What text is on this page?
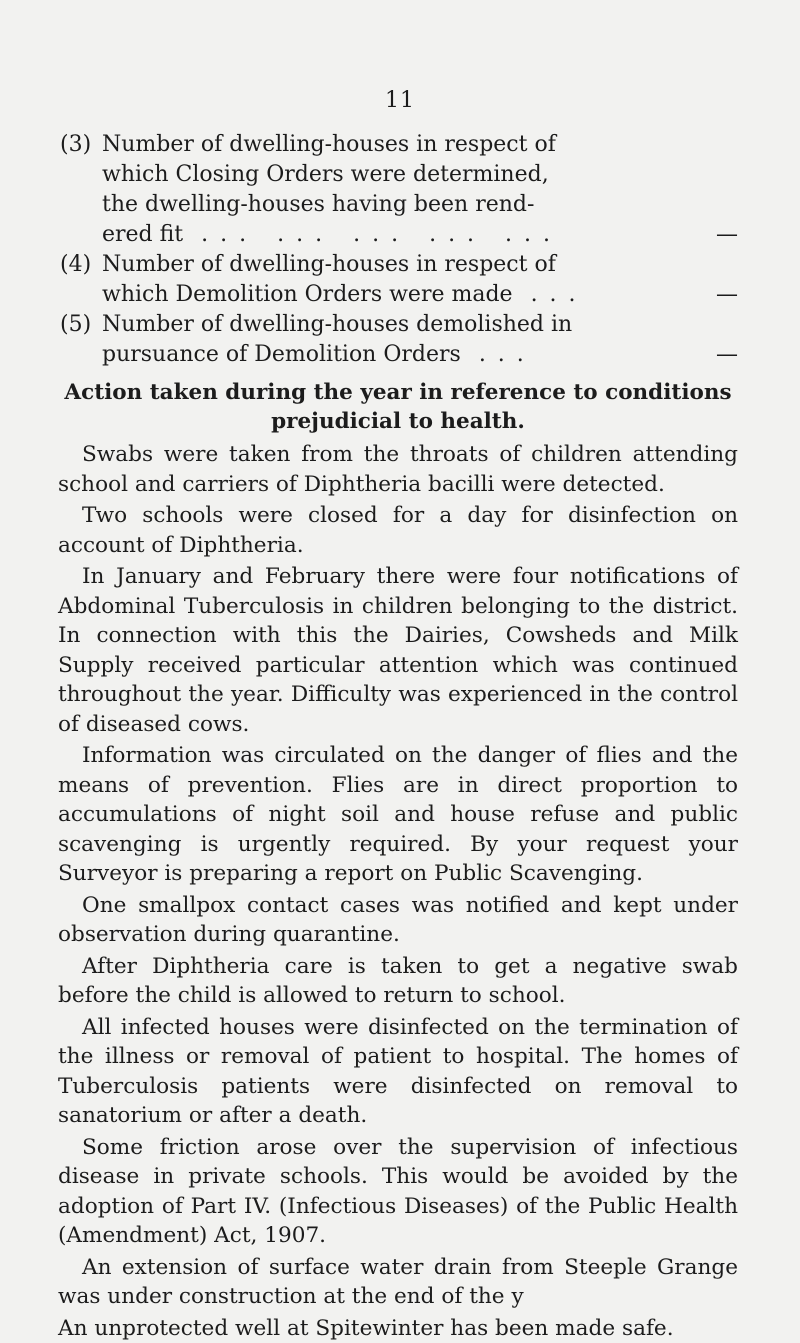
11
(3) Number of dwelling-houses in respect of
which Closing Orders were determined,
the dwelling-houses having been rend-
ered fit ... ... ... ... ...	—
(4) Number of dwelling-houses in respect of
which Demolition Orders were made ...	—
(5) Number of dwelling-houses demolished in
pursuance of Demolition Orders ...	—

Action taken during the year in reference to conditions

prejudicial to health.

Swabs were taken from the throats of children attending school and carriers of Diphtheria bacilli were detected.

Two schools were closed for a day for disinfection on account of Diphtheria.

In January and February there were four notifications of Abdominal Tuberculosis in children belonging to the district. In connection with this the Dairies, Cowsheds and Milk Supply received particular attention which was continued throughout the year. Difficulty was experienced in the control of diseased cows.

Information was circulated on the danger of flies and the means of prevention. Flies are in direct proportion to accumulations of night soil and house refuse and public scavenging is urgently required. By your request your Surveyor is preparing a report on Public Scavenging.

One smallpox contact cases was notified and kept under observation during quarantine.

After Diphtheria care is taken to get a negative swab before the child is allowed to return to school.

All infected houses were disinfected on the termination of the illness or removal of patient to hospital. The homes of Tuberculosis patients were disinfected on removal to sanatorium or after a death.

Some friction arose over the supervision of infectious disease in private schools. This would be avoided by the adoption of Part IV. (Infectious Diseases) of the Public Health (Amendment) Act, 1907.

An extension of surface water drain from Steeple Grange was under construction at the end of the y

An unprotected well at Spitewinter has been made safe.
